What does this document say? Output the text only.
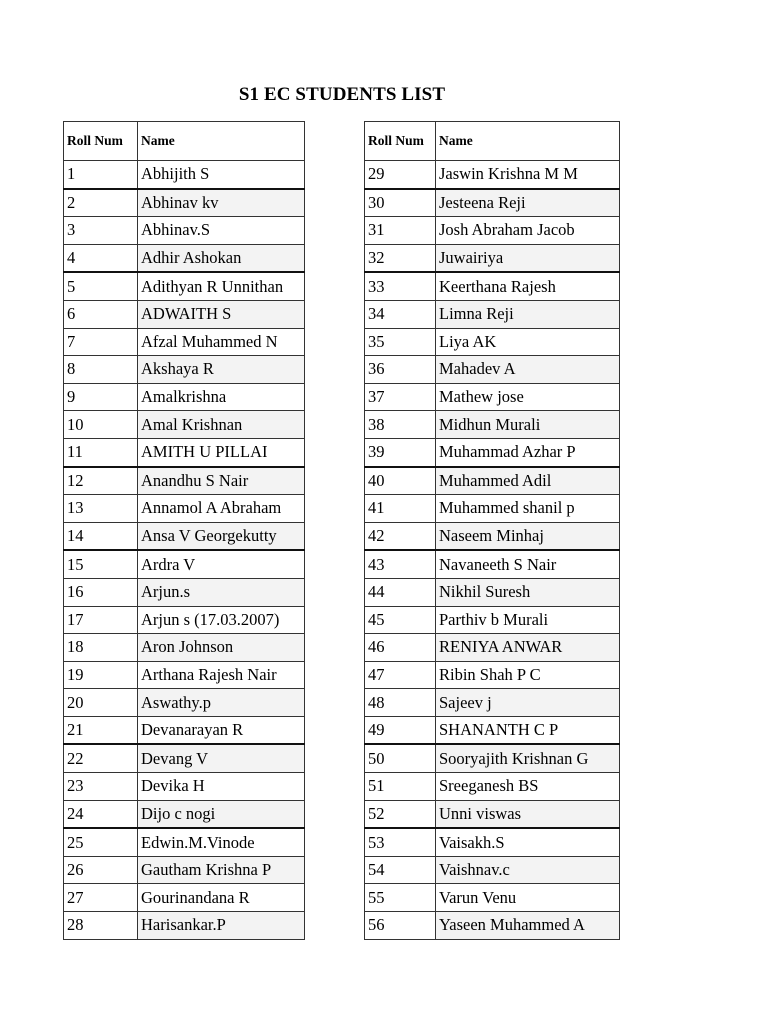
S1 EC STUDENTS LIST
Roll Num	Name
1	Abhijith S
2	Abhinav kv
3	Abhinav.S
4	Adhir Ashokan
5	Adithyan R Unnithan
6	ADWAITH S
7	Afzal Muhammed N
8	Akshaya R
9	Amalkrishna
10	Amal Krishnan
11	AMITH U PILLAI
12	Anandhu S Nair
13	Annamol A Abraham
14	Ansa V Georgekutty
15	Ardra V
16	Arjun.s
17	Arjun s (17.03.2007)
18	Aron Johnson
19	Arthana Rajesh Nair
20	Aswathy.p
21	Devanarayan R
22	Devang V
23	Devika H
24	Dijo c nogi
25	Edwin.M.Vinode
26	Gautham Krishna P
27	Gourinandana R
28	Harisankar.P
Roll Num	Name
29	Jaswin Krishna M M
30	Jesteena Reji
31	Josh Abraham Jacob
32	Juwairiya
33	Keerthana Rajesh
34	Limna Reji
35	Liya AK
36	Mahadev A
37	Mathew jose
38	Midhun Murali
39	Muhammad Azhar P
40	Muhammed Adil
41	Muhammed shanil p
42	Naseem Minhaj
43	Navaneeth S Nair
44	Nikhil Suresh
45	Parthiv b Murali
46	RENIYA ANWAR
47	Ribin Shah P C
48	Sajeev j
49	SHANANTH C P
50	Sooryajith Krishnan G
51	Sreeganesh BS
52	Unni viswas
53	Vaisakh.S
54	Vaishnav.c
55	Varun Venu
56	Yaseen Muhammed A
